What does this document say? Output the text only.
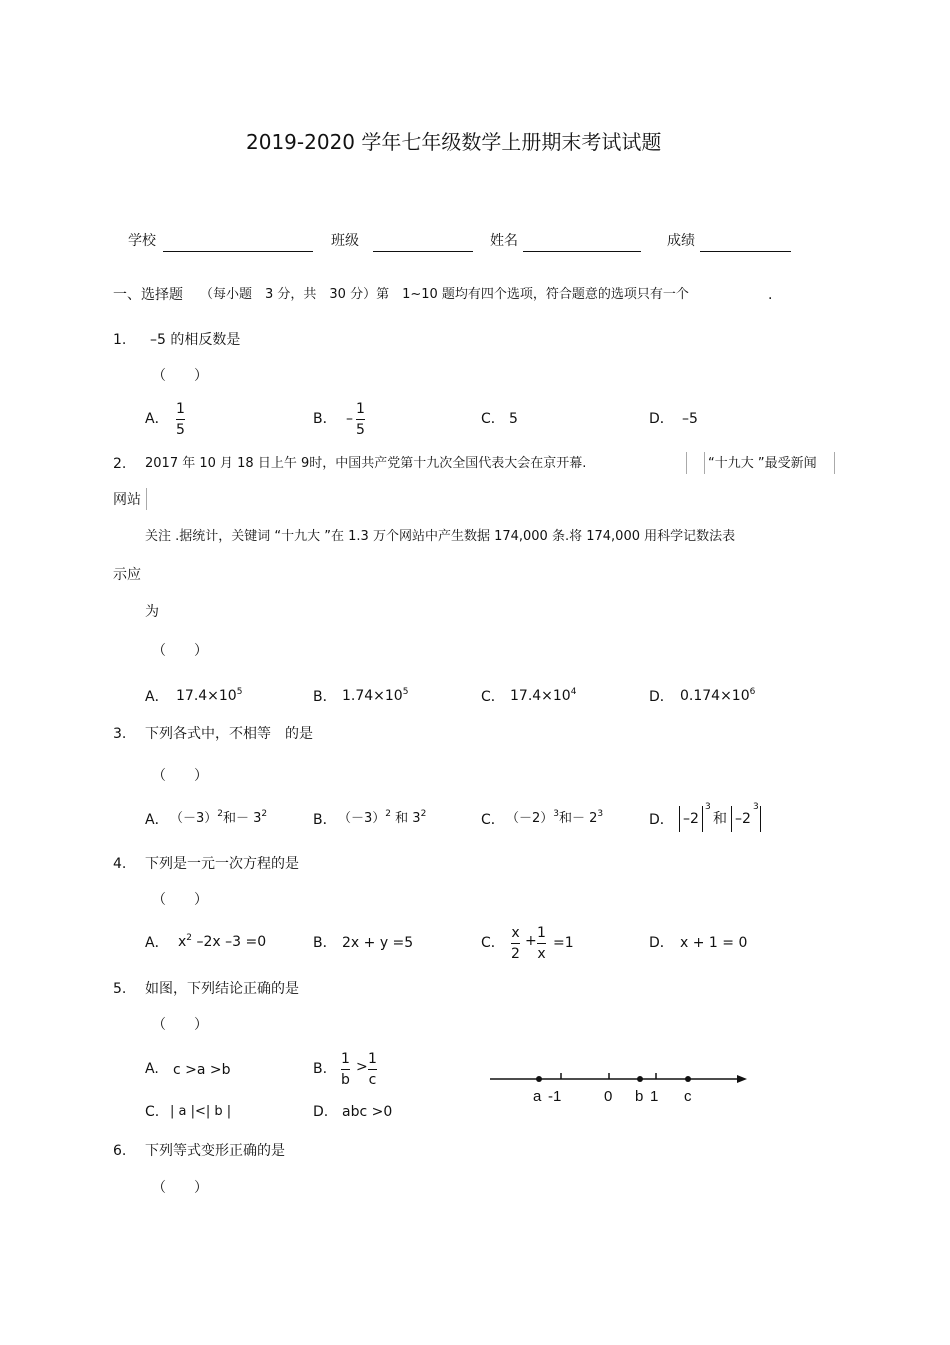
2019-2020 学年七年级数学上册期末考试试题
学校	班级	姓名	成绩
一、选择题 （每小题　3 分，共　30 分）第　1~10 题均有四个选项，符合题意的选项只有一个	.
1. –5 的相反数是
（　　）
A．
1
5
B． –
1
5
C． 5	D． –5
2. 2017 年 10 月 18 日上午 9时，中国共产党第十九次全国代表大会在京开幕.	“十九大 ”最受新闻
网站
关注 .据统计，关键词 “十九大 ”在 1.3 万个网站中产生数据 174,000 条.将 174,000 用科学记数法表
示应
为
（　　）
A． $17.4\times 10^5$	B． $1.74\times 10^5$	C． $17.4\times 10^4$	D． $0.174\times 10^6$
3. 下列各式中，不相等　的是
（　　）
A． $(-3)^2$和－ $3^2$	B． $(-3)^2$ 和 $3^2$	C． $(-2)^3$和－ $2^3$	D． –2
3
和 –2
3
4. 下列是一元一次方程的是
（　　）
A． $x^2$ –2x –3 =0	B． 2x + y =5	C．
x
2
+ 1
x
=1	D． x + 1 = 0
5. 如图，下列结论正确的是
（　　）
A. c >a >b	B.
1
b
> 1
c
C. | a |<| b |	D. abc >0
a -1	0 b 1 c
6. 下列等式变形正确的是
（　　）
